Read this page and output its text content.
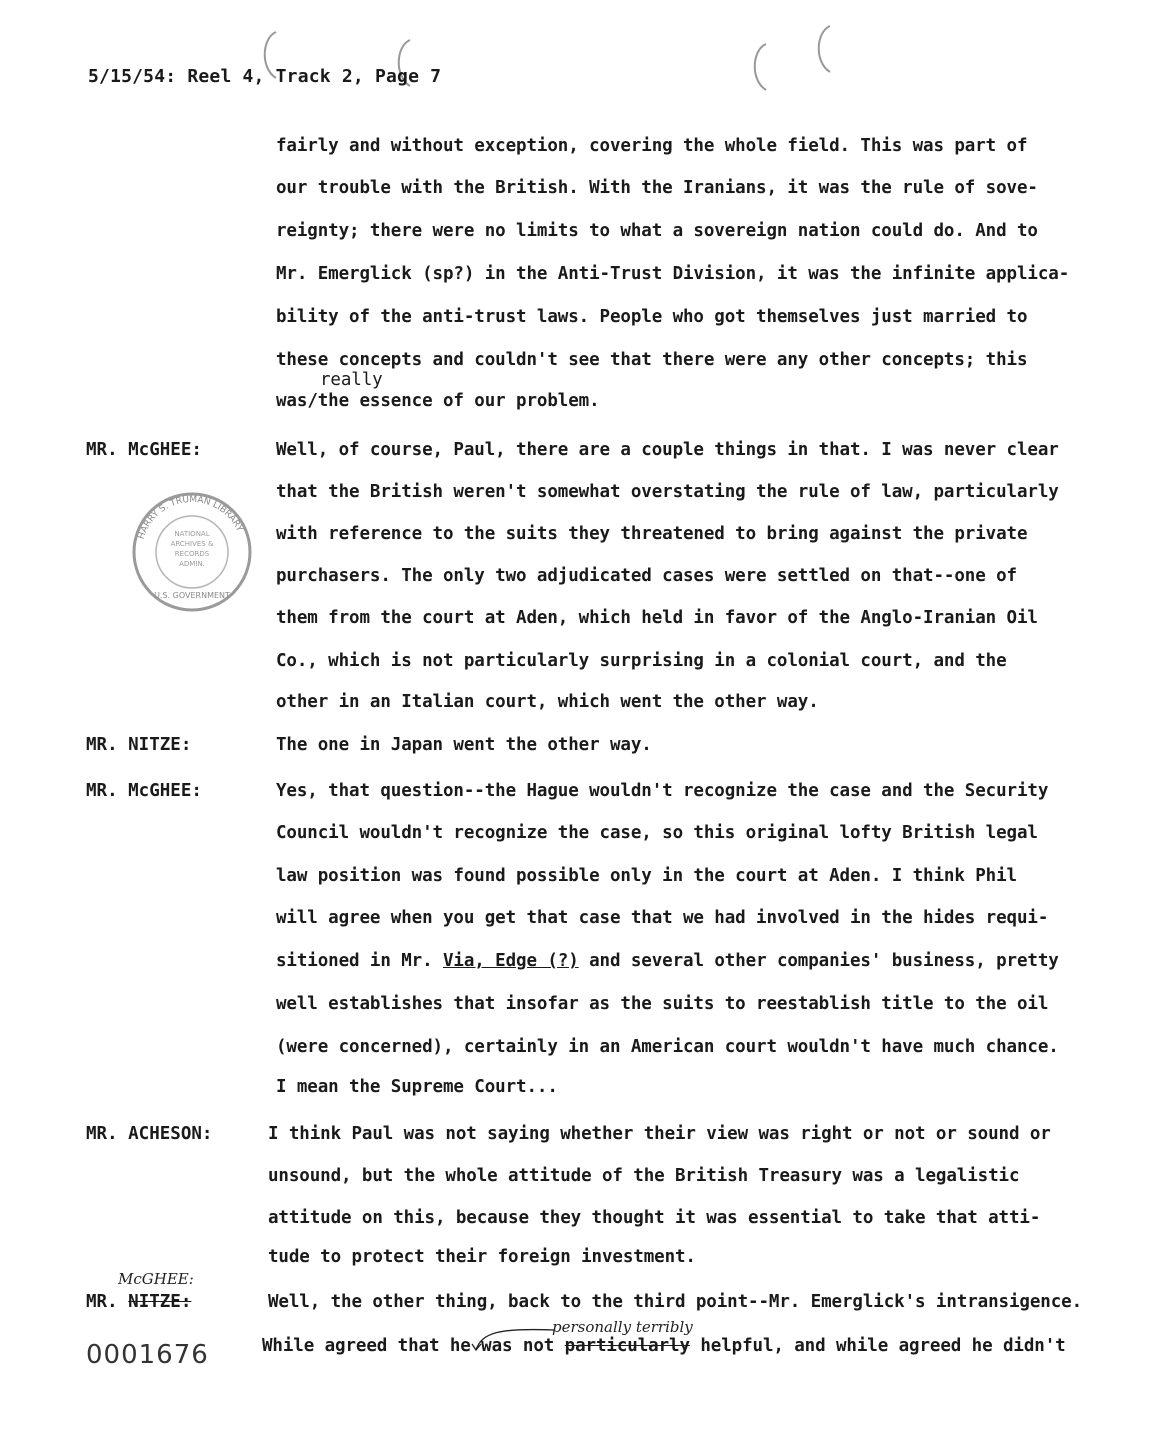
5/15/54: Reel 4, Track 2, Page 7
fairly and without exception, covering the whole field. This was part of
our trouble with the British. With the Iranians, it was the rule of sove-
reignty; there were no limits to what a sovereign nation could do. And to
Mr. Emerglick (sp?) in the Anti-Trust Division, it was the infinite applica-
bility of the anti-trust laws. People who got themselves just married to
these concepts and couldn't see that there were any other concepts; this
really
was/the essence of our problem.
MR. McGHEE:	Well, of course, Paul, there are a couple things in that. I was never clear
that the British weren't somewhat overstating the rule of law, particularly
with reference to the suits they threatened to bring against the private
purchasers. The only two adjudicated cases were settled on that--one of
them from the court at Aden, which held in favor of the Anglo-Iranian Oil
Co., which is not particularly surprising in a colonial court, and the
other in an Italian court, which went the other way.
HARRY S. TRUMAN LIBRARY
NATIONAL
ARCHIVES &
RECORDS
ADMIN.
U.S. GOVERNMENT
MR. NITZE:	The one in Japan went the other way.
MR. McGHEE:	Yes, that question--the Hague wouldn't recognize the case and the Security
Council wouldn't recognize the case, so this original lofty British legal
law position was found possible only in the court at Aden. I think Phil
will agree when you get that case that we had involved in the hides requi-
sitioned in Mr. Via, Edge (?) and several other companies' business, pretty
well establishes that insofar as the suits to reestablish title to the oil
(were concerned), certainly in an American court wouldn't have much chance.
I mean the Supreme Court...
MR. ACHESON:	I think Paul was not saying whether their view was right or not or sound or
unsound, but the whole attitude of the British Treasury was a legalistic
attitude on this, because they thought it was essential to take that atti-
tude to protect their foreign investment.
McGHEE:
MR. NITZE:	Well, the other thing, back to the third point--Mr. Emerglick's intransigence.
personally terribly
While agreed that he was not particularly helpful, and while agreed he didn't
0001676
